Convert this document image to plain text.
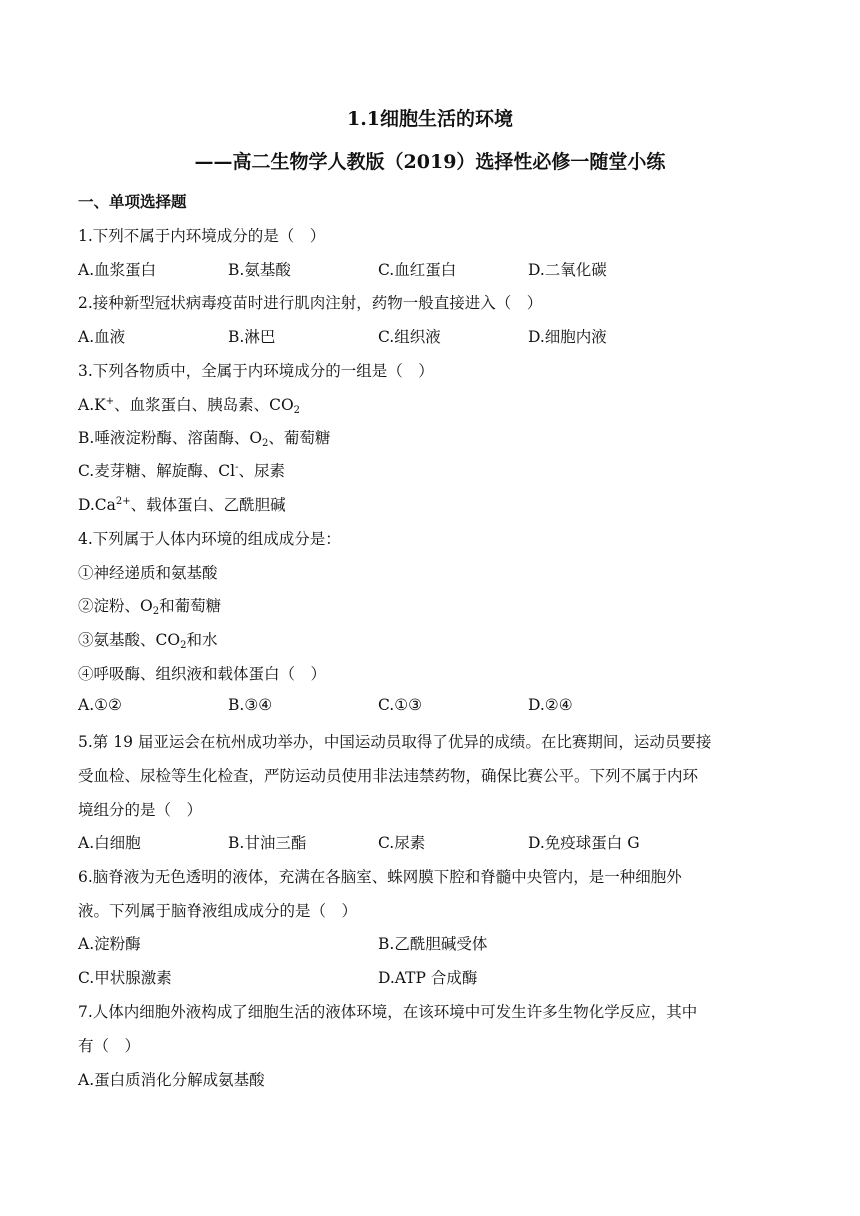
1.1细胞生活的环境
——高二生物学人教版（2019）选择性必修一随堂小练
一、单项选择题
1.下列不属于内环境成分的是（　）
A.血浆蛋白	B.氨基酸	C.血红蛋白	D.二氧化碳
2.接种新型冠状病毒疫苗时进行肌肉注射，药物一般直接进入（　）
A.血液	B.淋巴	C.组织液	D.细胞内液
3.下列各物质中，全属于内环境成分的一组是（　）
A.K+、血浆蛋白、胰岛素、$CO_2$
B.唾液淀粉酶、溶菌酶、$O_2$、葡萄糖
C.麦芽糖、解旋酶、Cl-、尿素
$D.Ca^{2+}$、载体蛋白、乙酰胆碱
4.下列属于人体内环境的组成成分是：
①神经递质和氨基酸
②淀粉、$O_2$和葡萄糖
③氨基酸、$CO_2$和水
④呼吸酶、组织液和载体蛋白（　）
A.①②	B.③④	C.①③	D.②④
5.第 19 届亚运会在杭州成功举办，中国运动员取得了优异的成绩。在比赛期间，运动员要接
受血检、尿检等生化检查，严防运动员使用非法违禁药物，确保比赛公平。下列不属于内环
境组分的是（　）
A.白细胞	B.甘油三酯	C.尿素	D.免疫球蛋白 G
6.脑脊液为无色透明的液体，充满在各脑室、蛛网膜下腔和脊髓中央管内，是一种细胞外
液。下列属于脑脊液组成成分的是（　）
A.淀粉酶	B.乙酰胆碱受体
C.甲状腺激素	D.ATP 合成酶
7.人体内细胞外液构成了细胞生活的液体环境，在该环境中可发生许多生物化学反应，其中
有（　）
A.蛋白质消化分解成氨基酸
